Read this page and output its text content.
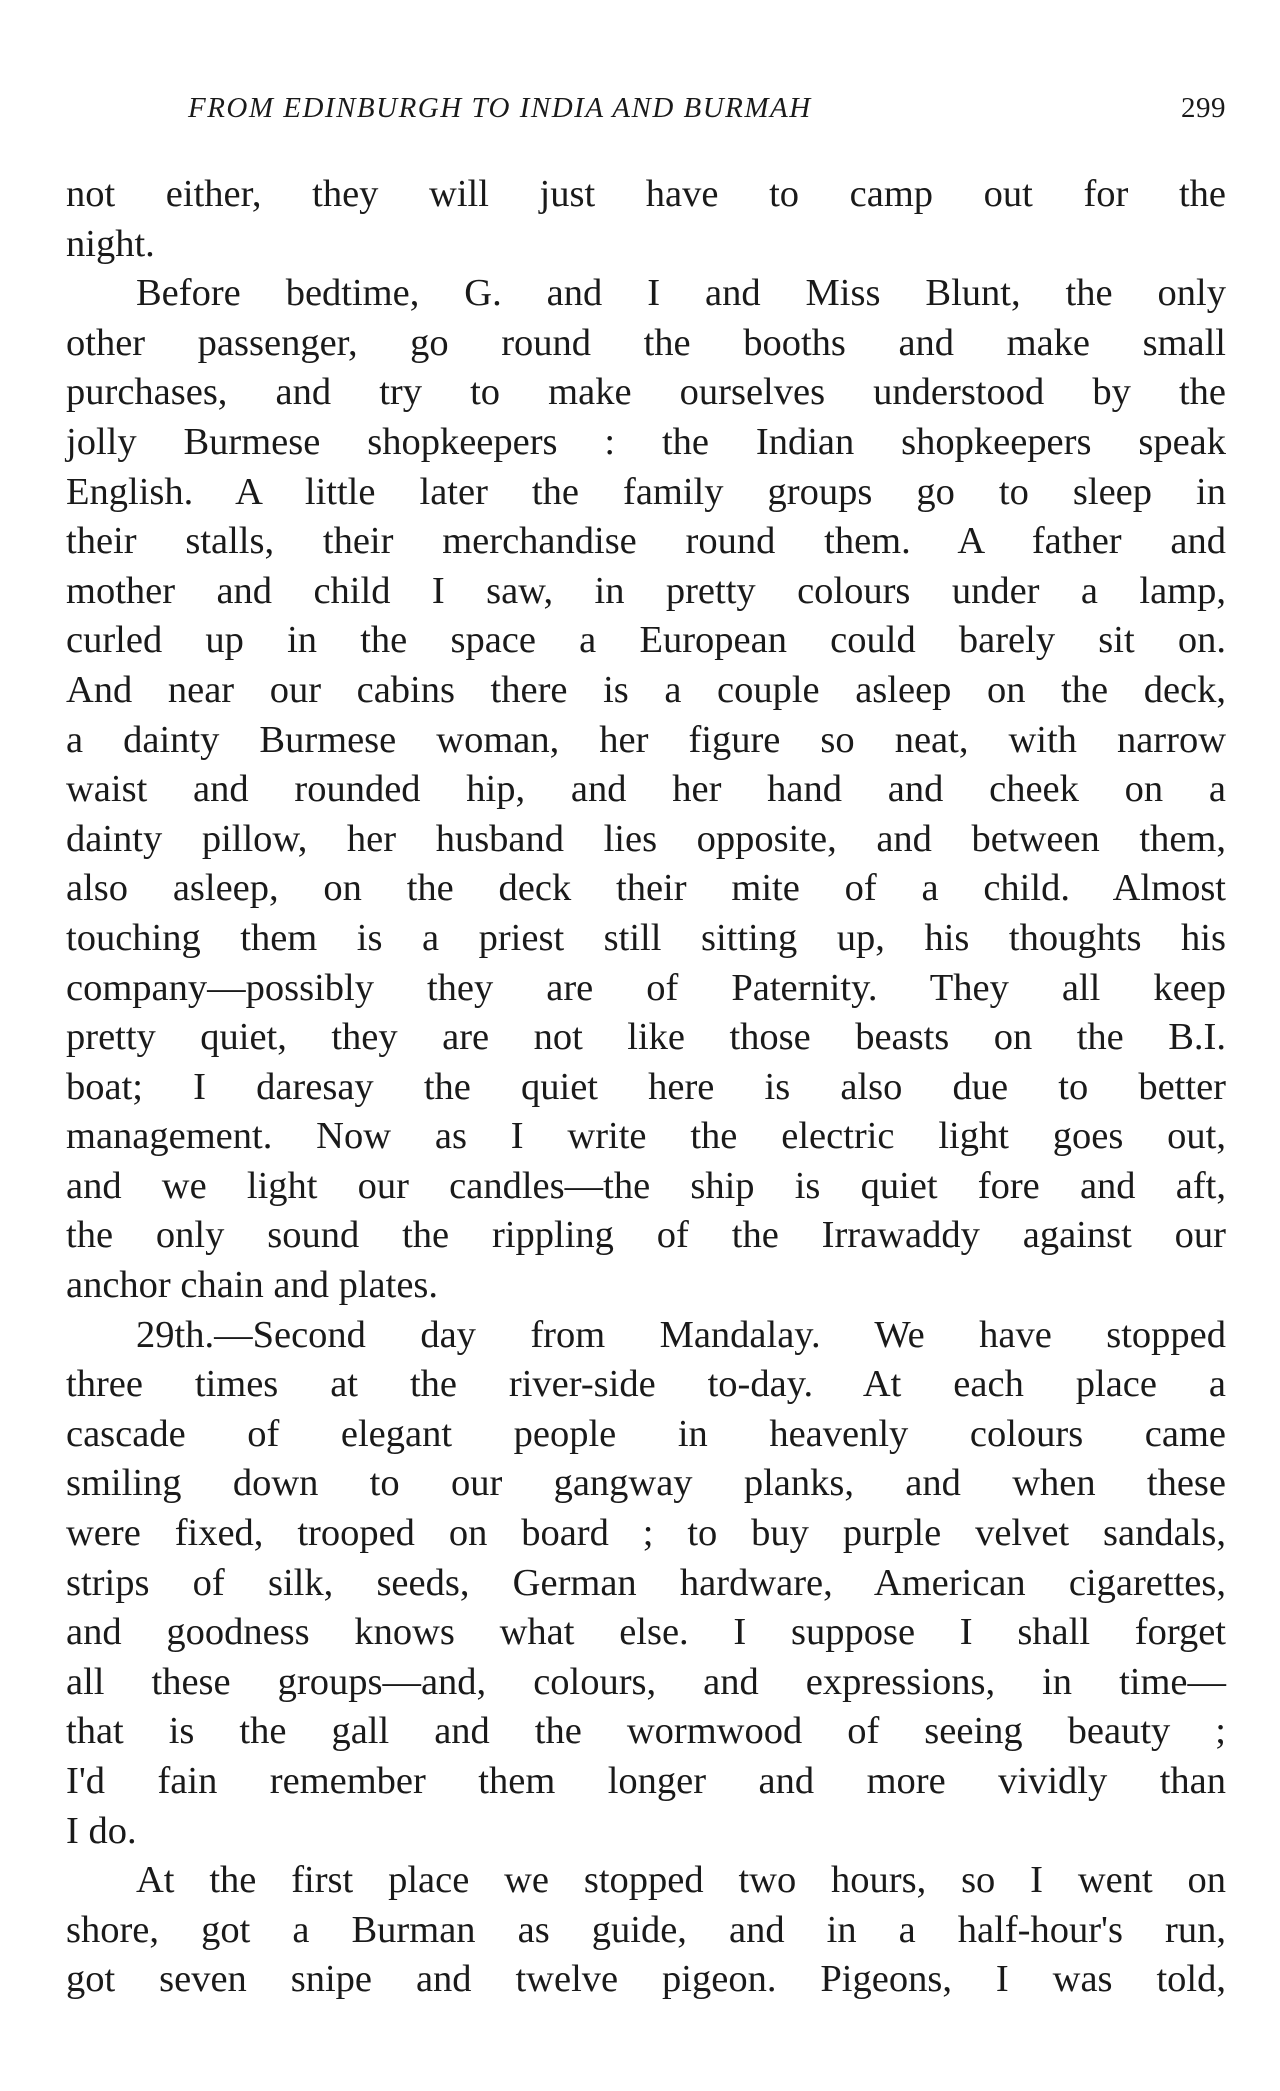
FROM EDINBURGH TO INDIA AND BURMAH	299
not either, they will just have to camp out for the
night.
Before bedtime, G. and I and Miss Blunt, the only
other passenger, go round the booths and make small
purchases, and try to make ourselves understood by the
jolly Burmese shopkeepers : the Indian shopkeepers speak
English. A little later the family groups go to sleep in
their stalls, their merchandise round them. A father and
mother and child I saw, in pretty colours under a lamp,
curled up in the space a European could barely sit on.
And near our cabins there is a couple asleep on the deck,
a dainty Burmese woman, her figure so neat, with narrow
waist and rounded hip, and her hand and cheek on a
dainty pillow, her husband lies opposite, and between them,
also asleep, on the deck their mite of a child. Almost
touching them is a priest still sitting up, his thoughts his
company—possibly they are of Paternity. They all keep
pretty quiet, they are not like those beasts on the B.I.
boat; I daresay the quiet here is also due to better
management. Now as I write the electric light goes out,
and we light our candles—the ship is quiet fore and aft,
the only sound the rippling of the Irrawaddy against our
anchor chain and plates.
29th.—Second day from Mandalay. We have stopped
three times at the river-side to-day. At each place a
cascade of elegant people in heavenly colours came
smiling down to our gangway planks, and when these
were fixed, trooped on board ; to buy purple velvet sandals,
strips of silk, seeds, German hardware, American cigarettes,
and goodness knows what else. I suppose I shall forget
all these groups—and, colours, and expressions, in time—
that is the gall and the wormwood of seeing beauty ;
I'd fain remember them longer and more vividly than
I do.
At the first place we stopped two hours, so I went on
shore, got a Burman as guide, and in a half-hour's run,
got seven snipe and twelve pigeon. Pigeons, I was told,
